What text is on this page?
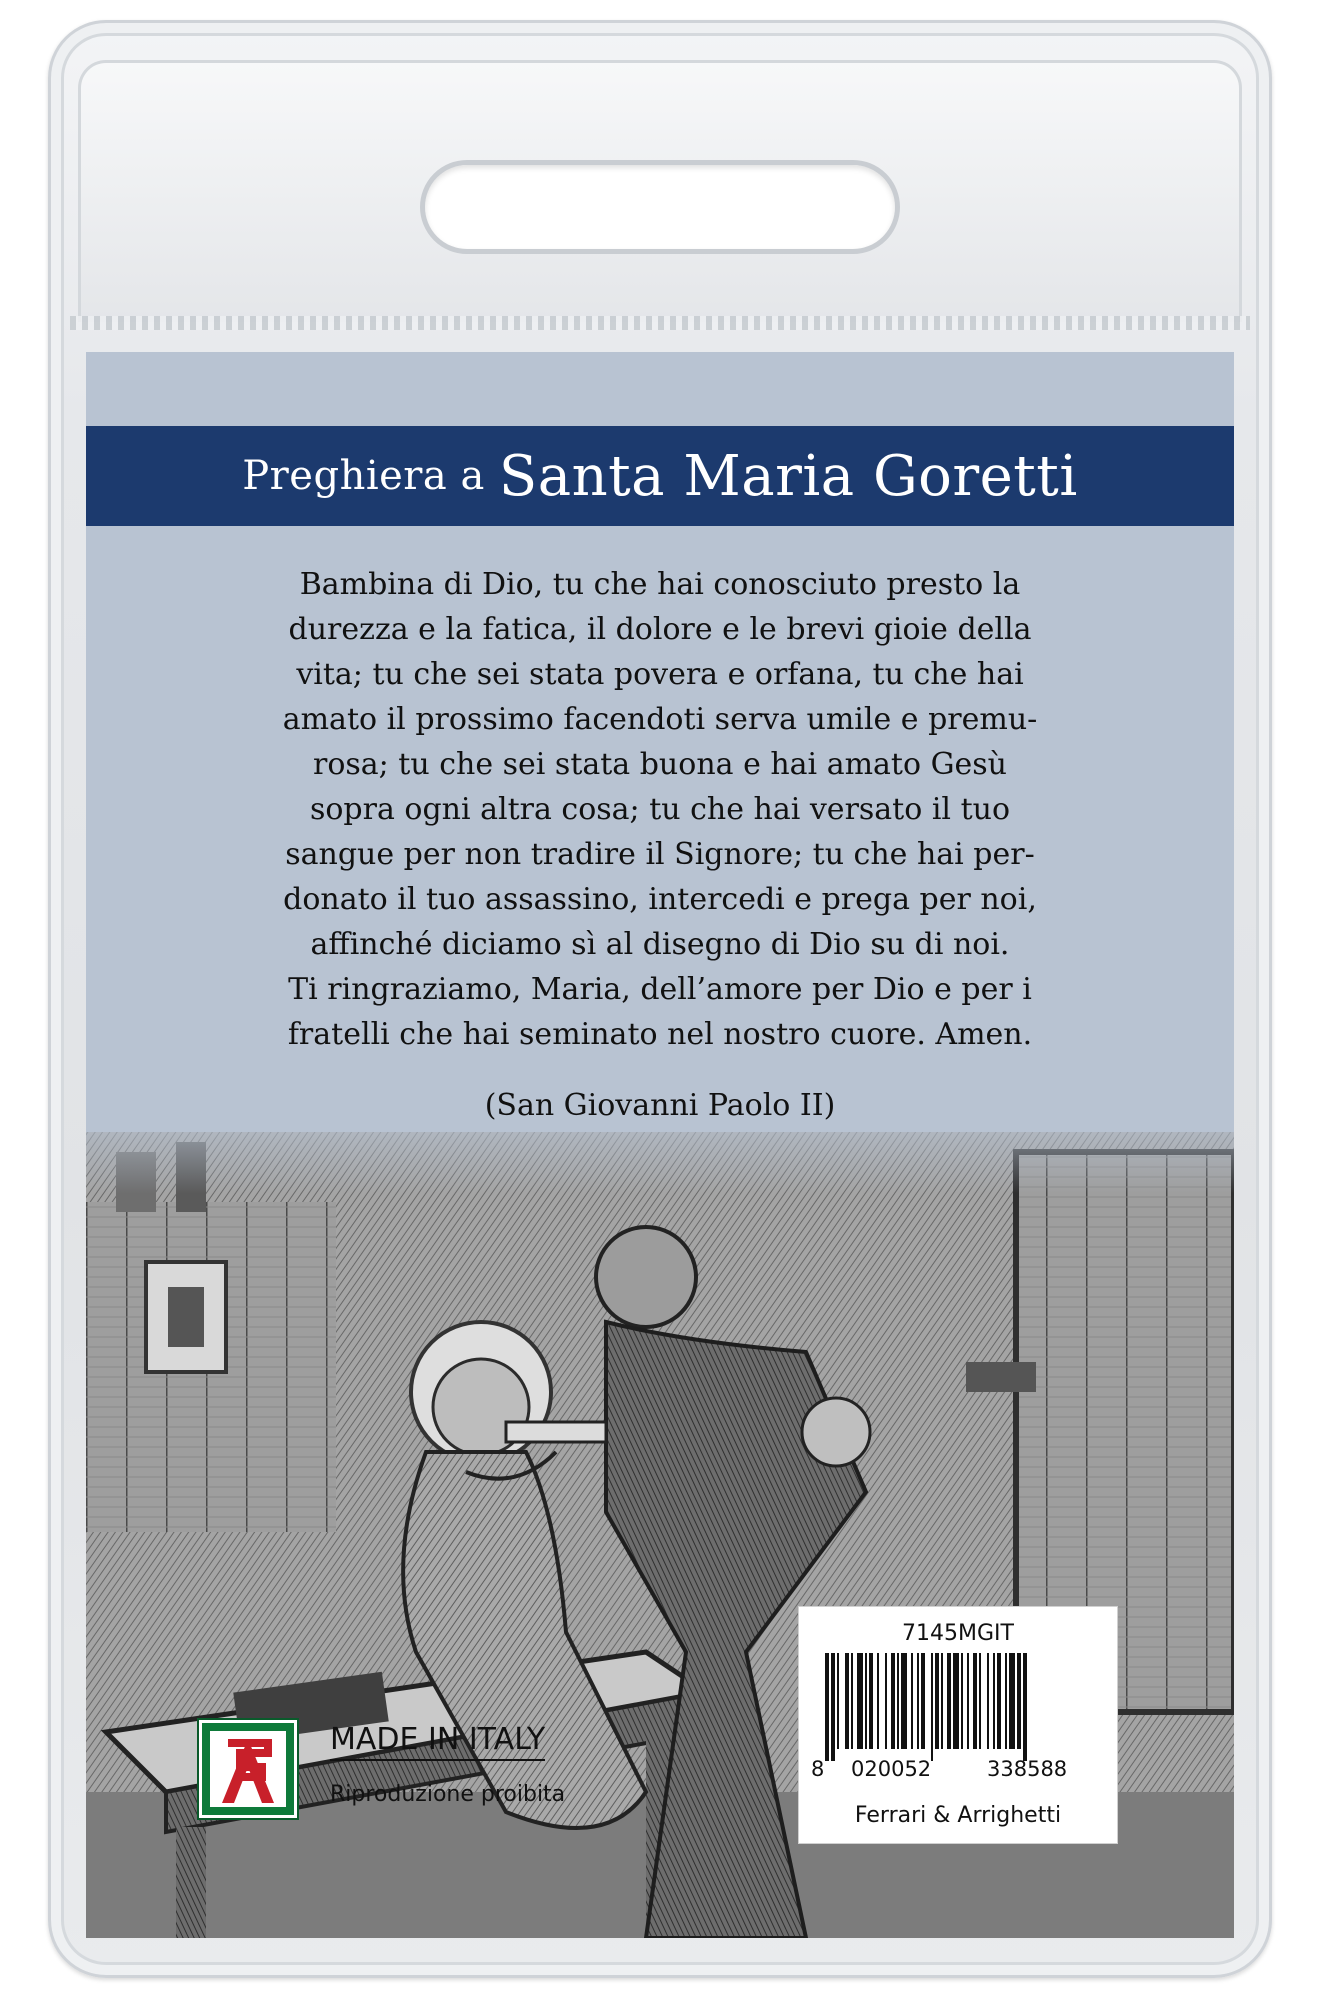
Preghiera a Santa Maria Goretti

Bambina di Dio, tu che hai conosciuto presto la
durezza e la fatica, il dolore e le brevi gioie della
vita; tu che sei stata povera e orfana, tu che hai
amato il prossimo facendoti serva umile e premu-
rosa; tu che sei stata buona e hai amato Gesù
sopra ogni altra cosa; tu che hai versato il tuo
sangue per non tradire il Signore; tu che hai per-
donato il tuo assassino, intercedi e prega per noi,
affinché diciamo sì al disegno di Dio su di noi.
Ti ringraziamo, Maria, dell’amore per Dio e per i
fratelli che hai seminato nel nostro cuore. Amen.

(San Giovanni Paolo II)
MADE IN ITALY
Riproduzione proibita
7145MGIT
8 020052	338588
Ferrari & Arrighetti
